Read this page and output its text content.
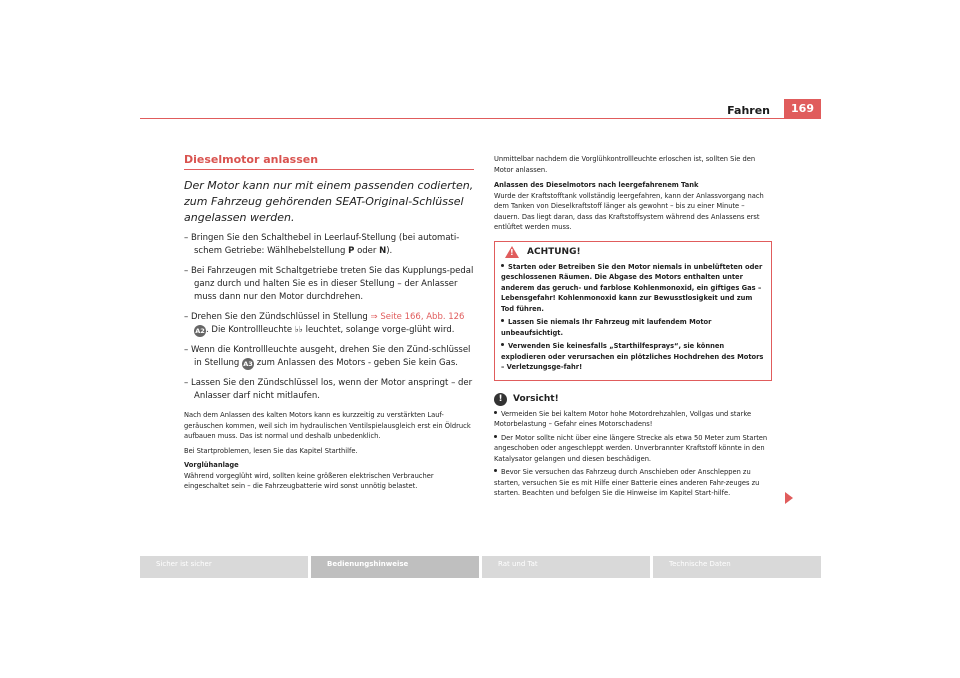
Fahren	169
Dieselmotor anlassen
Der Motor kann nur mit einem passenden codierten, zum Fahrzeug gehörenden SEAT-Original-Schlüssel angelassen werden.
– Bringen Sie den Schalthebel in Leerlauf-Stellung (bei automati-schem Getriebe: Wählhebelstellung P oder N).
– Bei Fahrzeugen mit Schaltgetriebe treten Sie das Kupplungs-pedal ganz durch und halten Sie es in dieser Stellung – der Anlasser muss dann nur den Motor durchdrehen.
– Drehen Sie den Zündschlüssel in Stellung ⇒ Seite 166, Abb. 126 A2. Die Kontrollleuchte ♭♭ leuchtet, solange vorge-glüht wird.
– Wenn die Kontrollleuchte ausgeht, drehen Sie den Zünd-schlüssel in Stellung A3 zum Anlassen des Motors - geben Sie kein Gas.
– Lassen Sie den Zündschlüssel los, wenn der Motor anspringt – der Anlasser darf nicht mitlaufen.
Nach dem Anlassen des kalten Motors kann es kurzzeitig zu verstärkten Lauf-geräuschen kommen, weil sich im hydraulischen Ventilspielausgleich erst ein Öldruck aufbauen muss. Das ist normal und deshalb unbedenklich.
Bei Startproblemen, lesen Sie das Kapitel Starthilfe.
Vorglühanlage
Während vorgeglüht wird, sollten keine größeren elektrischen Verbraucher eingeschaltet sein – die Fahrzeugbatterie wird sonst unnötig belastet.
Unmittelbar nachdem die Vorglühkontrollleuchte erloschen ist, sollten Sie den Motor anlassen.
Anlassen des Dieselmotors nach leergefahrenem Tank
Wurde der Kraftstofftank vollständig leergefahren, kann der Anlassvorgang nach dem Tanken von Dieselkraftstoff länger als gewohnt – bis zu einer Minute – dauern. Das liegt daran, dass das Kraftstoffsystem während des Anlassens erst entlüftet werden muss.
! ACHTUNG!
Starten oder Betreiben Sie den Motor niemals in unbelüfteten oder geschlossenen Räumen. Die Abgase des Motors enthalten unter anderem das geruch- und farblose Kohlenmonoxid, ein giftiges Gas – Lebensgefahr! Kohlenmonoxid kann zur Bewusstlosigkeit und zum Tod führen.
Lassen Sie niemals Ihr Fahrzeug mit laufendem Motor unbeaufsichtigt.
Verwenden Sie keinesfalls „Starthilfesprays“, sie können explodieren oder verursachen ein plötzliches Hochdrehen des Motors – Verletzungsge-fahr!
!	Vorsicht!
Vermeiden Sie bei kaltem Motor hohe Motordrehzahlen, Vollgas und starke Motorbelastung – Gefahr eines Motorschadens!
Der Motor sollte nicht über eine längere Strecke als etwa 50 Meter zum Starten angeschoben oder angeschleppt werden. Unverbrannter Kraftstoff könnte in den Katalysator gelangen und diesen beschädigen.
Bevor Sie versuchen das Fahrzeug durch Anschieben oder Anschleppen zu starten, versuchen Sie es mit Hilfe einer Batterie eines anderen Fahr-zeuges zu starten. Beachten und befolgen Sie die Hinweise im Kapitel Start-hilfe.
Sicher ist sicher	Bedienungshinweise	Rat und Tat	Technische Daten
